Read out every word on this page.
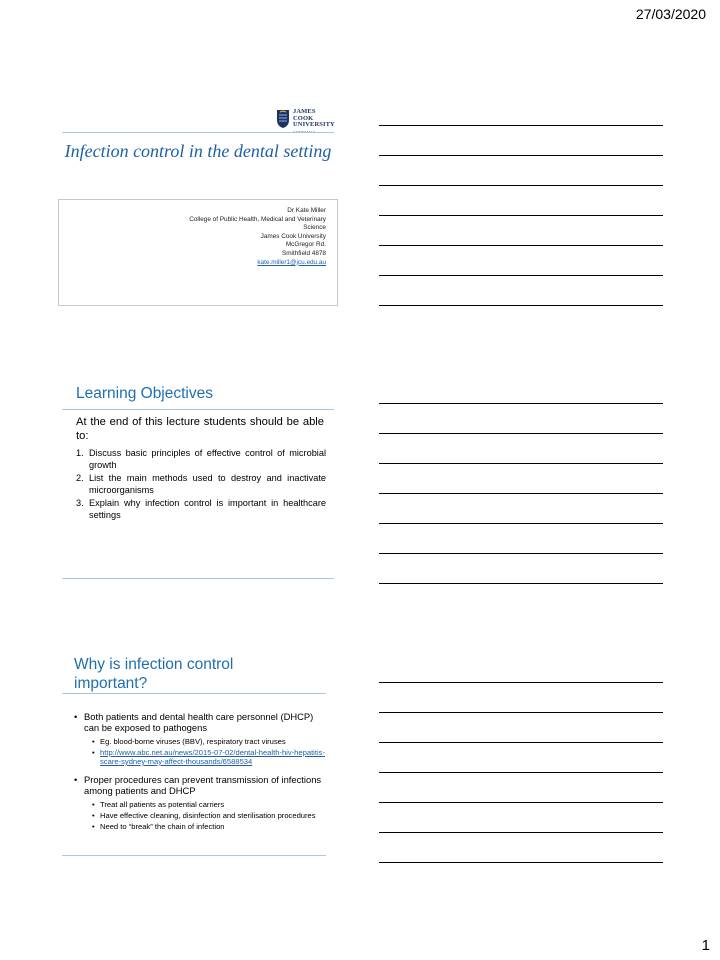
27/03/2020
JAMES COOK
UNIVERSITY
Infection control in the dental setting
Dr Kate Miller
College of Public Health, Medical and Veterinary
Science
James Cook University
McGregor Rd.
Smithfield 4878
kate.miller1@jcu.edu.au
Learning Objectives
At the end of this lecture students should be able to:
1. Discuss basic principles of effective control of microbial growth
2. List the main methods used to destroy and inactivate microorganisms
3. Explain why infection control is important in healthcare settings
Why is infection control important?
• Both patients and dental health care personnel (DHCP) can be exposed to pathogens
• Eg. blood-borne viruses (BBV), respiratory tract viruses
• http://www.abc.net.au/news/2015-07-02/dental-health-hiv-hepatitis-scare-sydney-may-affect-thousands/6588534
• Proper procedures can prevent transmission of infections among patients and DHCP
• Treat all patients as potential carriers
• Have effective cleaning, disinfection and sterilisation procedures
• Need to “break” the chain of infection
1
